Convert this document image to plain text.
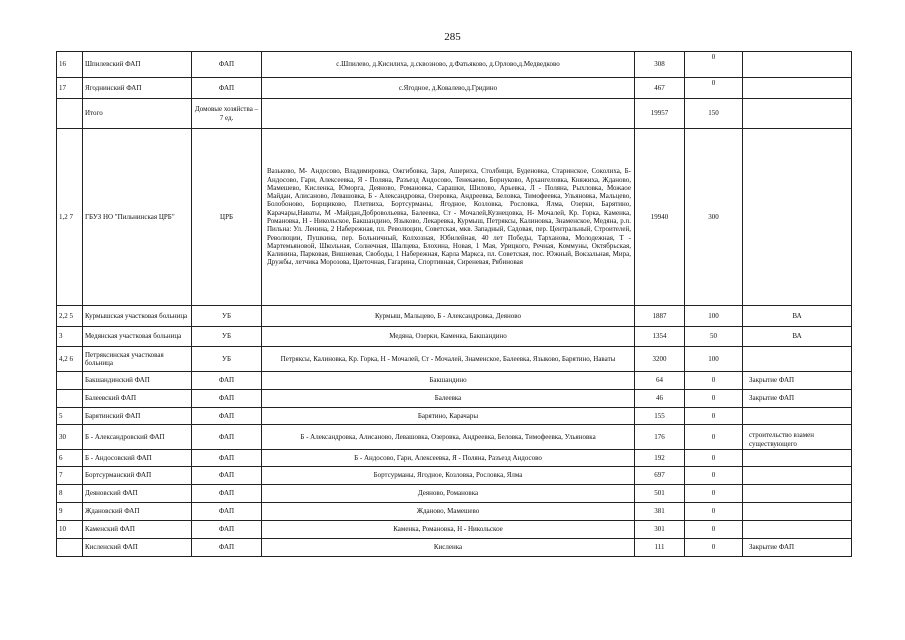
285
16	Шпилевский ФАП	ФАП	с.Шпилево, д.Кисилиха, д.сквозново, д.Фатьяково, д.Орлово,д.Медведково	308	0	
17	Ягоднинский ФАП	ФАП	с.Ягодное, д.Ковалево,д.Гридино	467	0	
	Итого	Домовые хозяйства – 7 ед.		19957	150	
1,2 7	ГБУЗ НО "Пильнинская ЦРБ"	ЦРБ	Вазьково, М- Андосово, Владимировка, Ожгибовка, Заря, Ашериха, Столбищи, Буденовка, Старинское, Соколиха, Б- Андосово, Гари, Алексеевка, Я - Поляна, Разъезд Андосово, Тенекаево, Борнуково, Архангеловка, Княжиха, Жданово, Мамешево, Кисленка, Юморга, Деяново, Романовка, Сарашки, Шилово, Арьевка, Л - Поляна, Рыхловка, Можаое Майдан, Алисаново, Левашовка, Б - Александровка, Озеровка, Андреевка, Беловка, Тимофеевка, Ульяновка, Мальцево, Болобоново, Борщиково, Плетвиха, Бортсурманы, Ягодное, Козловка, Рословка, Ялма, Озерки, Барятино, Карачары,Наваты, М -Майдан,Добровольевка, Балеевка, Ст - Мочалей,Кузнецовка, Н- Мочалей, Кр. Горка, Каменка, Романовка, Н - Никольское, Бакшандино, Языково, Лекаревка, Курмыш, Петряксы, Калиновка, Знаменское, Медяна, р.п. Пильна: Ул. Ленина, 2 Набережная, пл. Революции, Советская, мкв. Западный, Садовая, пер. Центральный, Строителей, Революции, Пушкина, пер. Больничный, Колхозная, Юбилейная, 40 лет Победы, Тарханова, Молодежная, Т - Мартемьяновой, Школьная, Солнечная, Шалцева, Блохина, Новая, 1 Мая, Урицкого, Речная, Коммуны, Октябрьская, Калинина, Парковая, Вишневая, Свободы, 1 Набережная, Карла Маркса, пл. Советская, пос. Южный, Вокзальная, Мира, Дружбы, летчика Морозова, Цветочная, Гагарина, Спортивная, Сиреневая, Рябиновая	19940	300	
2,2 5	Курмышская участковая больница	УБ	Курмыш, Мальцево, Б - Александровка, Деяново	1887	100	ВА
3	Медянская участковая больница	УБ	Медяна, Озерки, Каменка, Бакшандино	1354	50	ВА
4,2 6	Петряксинская участковая больница	УБ	Петряксы, Калиновка, Кр. Горка, Н - Мочалей, Ст - Мочалей, Знаменское, Балеевка, Языково, Барятино, Наваты	3200	100	
	Бакшандинский ФАП	ФАП	Бакшандино	64	0	Закрытие ФАП
	Балеевский ФАП	ФАП	Балеевка	46	0	Закрытие ФАП
5	Барятинский ФАП	ФАП	Барятино, Карачары	155	0	
30	Б - Александровский ФАП	ФАП	Б - Александровка, Алисаново, Левашовка, Озеровка, Андреевка, Беловка, Тимофеевка, Ульяновка	176	0	строительство взамен существующего
6	Б - Андосовский ФАП	ФАП	Б - Андосово, Гари, Алексеевка, Я - Поляна, Разъезд Андосово	192	0	
7	Бортсурманский ФАП	ФАП	Бортсурманы, Ягодное, Козловка, Рословка, Ялма	697	0	
8	Деяновский ФАП	ФАП	Деяново, Романовка	501	0	
9	Ждановский ФАП	ФАП	Жданово, Мамешево	381	0	
10	Каменский ФАП	ФАП	Каменка, Романовка, Н - Никольское	301	0	
	Кисленский ФАП	ФАП	Кисленка	111	0	Закрытие ФАП
